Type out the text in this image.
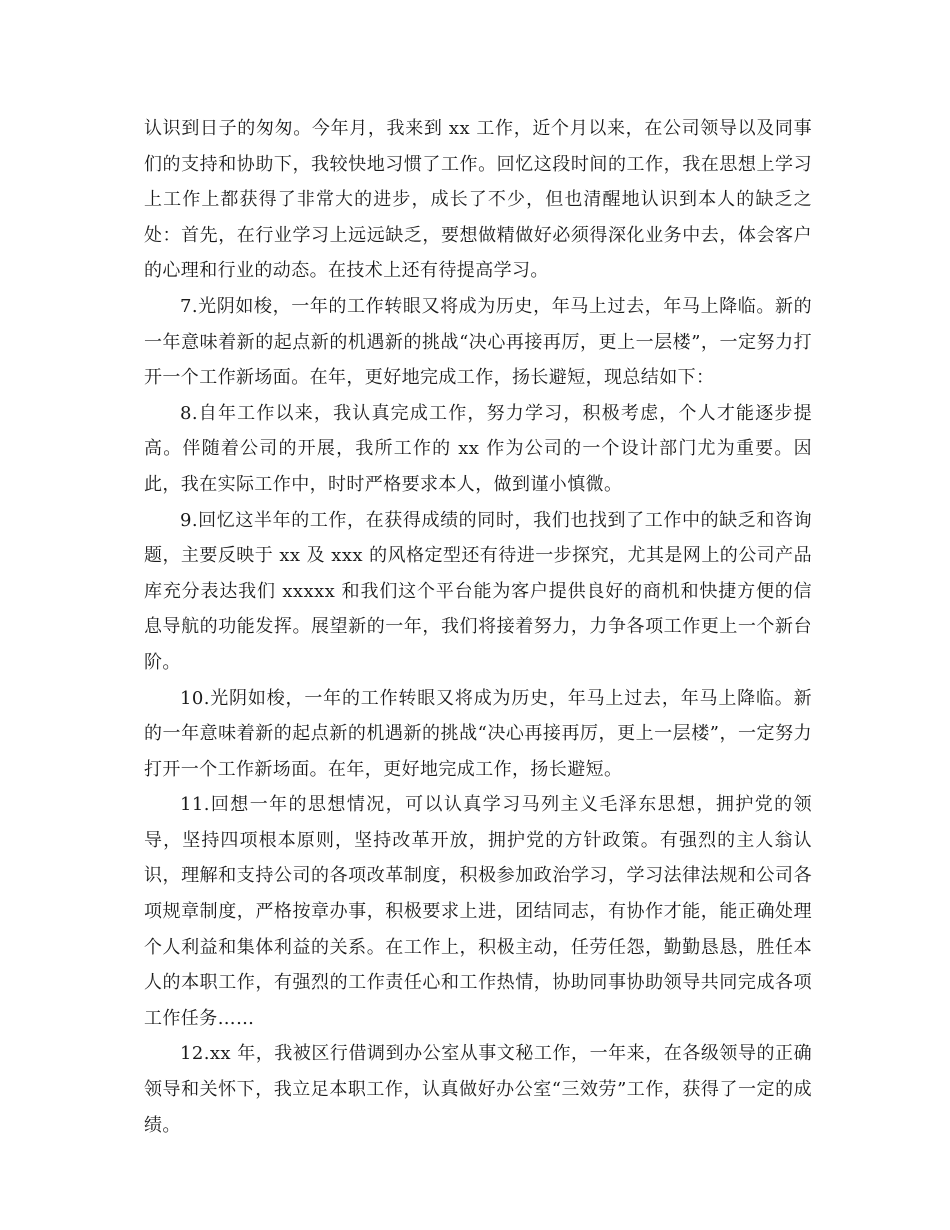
认识到日子的匆匆。今年月，我来到 xx 工作，近个月以来，在公司领导以及同事们的支持和协助下，我较快地习惯了工作。回忆这段时间的工作，我在思想上学习上工作上都获得了非常大的进步，成长了不少，但也清醒地认识到本人的缺乏之处：首先，在行业学习上远远缺乏，要想做精做好必须得深化业务中去，体会客户的心理和行业的动态。在技术上还有待提高学习。

7.光阴如梭，一年的工作转眼又将成为历史，年马上过去，年马上降临。新的一年意味着新的起点新的机遇新的挑战“决心再接再厉，更上一层楼”，一定努力打开一个工作新场面。在年，更好地完成工作，扬长避短，现总结如下：

8.自年工作以来，我认真完成工作，努力学习，积极考虑，个人才能逐步提高。伴随着公司的开展，我所工作的 xx 作为公司的一个设计部门尤为重要。因此，我在实际工作中，时时严格要求本人，做到谨小慎微。

9.回忆这半年的工作，在获得成绩的同时，我们也找到了工作中的缺乏和咨询题，主要反映于 xx 及 xxx 的风格定型还有待进一步探究，尤其是网上的公司产品库充分表达我们 xxxxx 和我们这个平台能为客户提供良好的商机和快捷方便的信息导航的功能发挥。展望新的一年，我们将接着努力，力争各项工作更上一个新台阶。

10.光阴如梭，一年的工作转眼又将成为历史，年马上过去，年马上降临。新的一年意味着新的起点新的机遇新的挑战“决心再接再厉，更上一层楼”，一定努力打开一个工作新场面。在年，更好地完成工作，扬长避短。

11.回想一年的思想情况，可以认真学习马列主义毛泽东思想，拥护党的领导，坚持四项根本原则，坚持改革开放，拥护党的方针政策。有强烈的主人翁认识，理解和支持公司的各项改革制度，积极参加政治学习，学习法律法规和公司各项规章制度，严格按章办事，积极要求上进，团结同志，有协作才能，能正确处理个人利益和集体利益的关系。在工作上，积极主动，任劳任怨，勤勤恳恳，胜任本人的本职工作，有强烈的工作责任心和工作热情，协助同事协助领导共同完成各项工作任务……

12.xx 年，我被区行借调到办公室从事文秘工作，一年来，在各级领导的正确领导和关怀下，我立足本职工作，认真做好办公室“三效劳”工作，获得了一定的成绩。
